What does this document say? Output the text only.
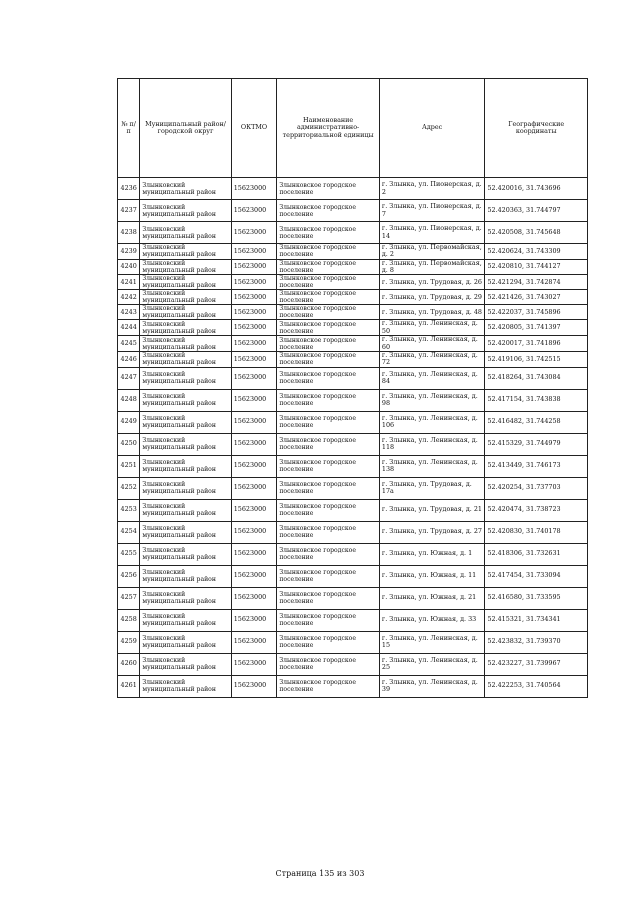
№ п/п	Муниципальный район/городской округ	ОКТМО	Наименование административно-территориальной единицы	Адрес	Географические координаты
4236	Злынковский муниципальный район	15623000	Злынковское городское поселение	г. Злынка, ул. Пионерская, д. 2	52.420016, 31.743696
4237	Злынковский муниципальный район	15623000	Злынковское городское поселение	г. Злынка, ул. Пионерская, д. 7	52.420363, 31.744797
4238	Злынковский муниципальный район	15623000	Злынковское городское поселение	г. Злынка, ул. Пионерская, д. 14	52.420508, 31.745648
4239	Злынковский муниципальный район	15623000	Злынковское городское поселение	г. Злынка, ул. Первомайская, д. 2	52.420624, 31.743309
4240	Злынковский муниципальный район	15623000	Злынковское городское поселение	г. Злынка, ул. Первомайская, д. 8	52.420810, 31.744127
4241	Злынковский муниципальный район	15623000	Злынковское городское поселение	г. Злынка, ул. Трудовая, д. 26	52.421294, 31.742874
4242	Злынковский муниципальный район	15623000	Злынковское городское поселение	г. Злынка, ул. Трудовая, д. 29	52.421426, 31.743027
4243	Злынковский муниципальный район	15623000	Злынковское городское поселение	г. Злынка, ул. Трудовая, д. 48	52.422037, 31.745896
4244	Злынковский муниципальный район	15623000	Злынковское городское поселение	г. Злынка, ул. Ленинская, д. 50	52.420805, 31.741397
4245	Злынковский муниципальный район	15623000	Злынковское городское поселение	г. Злынка, ул. Ленинская, д. 60	52.420017, 31.741896
4246	Злынковский муниципальный район	15623000	Злынковское городское поселение	г. Злынка, ул. Ленинская, д. 72	52.419106, 31.742515
4247	Злынковский муниципальный район	15623000	Злынковское городское поселение	г. Злынка, ул. Ленинская, д. 84	52.418264, 31.743084
4248	Злынковский муниципальный район	15623000	Злынковское городское поселение	г. Злынка, ул. Ленинская, д. 98	52.417154, 31.743838
4249	Злынковский муниципальный район	15623000	Злынковское городское поселение	г. Злынка, ул. Ленинская, д. 106	52.416482, 31.744258
4250	Злынковский муниципальный район	15623000	Злынковское городское поселение	г. Злынка, ул. Ленинская, д. 118	52.415329, 31.744979
4251	Злынковский муниципальный район	15623000	Злынковское городское поселение	г. Злынка, ул. Ленинская, д. 138	52.413449, 31.746173
4252	Злынковский муниципальный район	15623000	Злынковское городское поселение	г. Злынка, ул. Трудовая, д. 17а	52.420254, 31.737703
4253	Злынковский муниципальный район	15623000	Злынковское городское поселение	г. Злынка, ул. Трудовая, д. 21	52.420474, 31.738723
4254	Злынковский муниципальный район	15623000	Злынковское городское поселение	г. Злынка, ул. Трудовая, д. 27	52.420830, 31.740178
4255	Злынковский муниципальный район	15623000	Злынковское городское поселение	г. Злынка, ул. Южная, д. 1	52.418306, 31.732631
4256	Злынковский муниципальный район	15623000	Злынковское городское поселение	г. Злынка, ул. Южная, д. 11	52.417454, 31.733094
4257	Злынковский муниципальный район	15623000	Злынковское городское поселение	г. Злынка, ул. Южная, д. 21	52.416580, 31.733595
4258	Злынковский муниципальный район	15623000	Злынковское городское поселение	г. Злынка, ул. Южная, д. 33	52.415321, 31.734341
4259	Злынковский муниципальный район	15623000	Злынковское городское поселение	г. Злынка, ул. Ленинская, д. 15	52.423832, 31.739370
4260	Злынковский муниципальный район	15623000	Злынковское городское поселение	г. Злынка, ул. Ленинская, д. 25	52.423227, 31.739967
4261	Злынковский муниципальный район	15623000	Злынковское городское поселение	г. Злынка, ул. Ленинская, д. 39	52.422253, 31.740564
Страница 135 из 303
